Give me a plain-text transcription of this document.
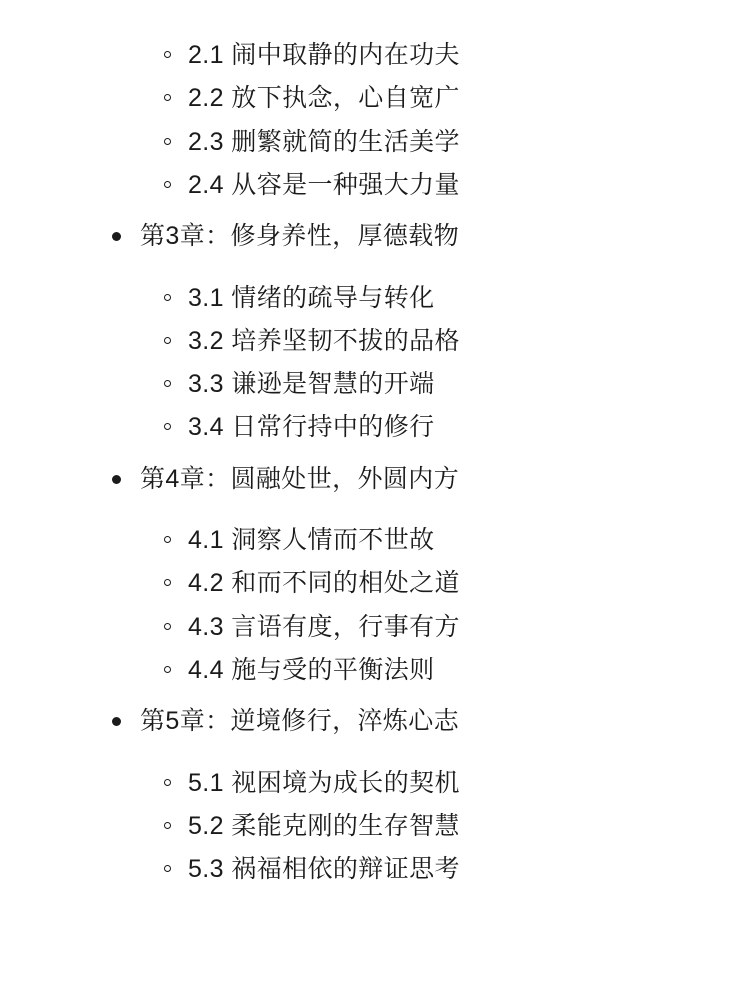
2.1 闹中取静的内在功夫
2.2 放下执念，心自宽广
2.3 删繁就简的生活美学
2.4 从容是一种强大力量
第3章：修身养性，厚德载物
3.1 情绪的疏导与转化
3.2 培养坚韧不拔的品格
3.3 谦逊是智慧的开端
3.4 日常行持中的修行
第4章：圆融处世，外圆内方
4.1 洞察人情而不世故
4.2 和而不同的相处之道
4.3 言语有度，行事有方
4.4 施与受的平衡法则
第5章：逆境修行，淬炼心志
5.1 视困境为成长的契机
5.2 柔能克刚的生存智慧
5.3 祸福相依的辩证思考
